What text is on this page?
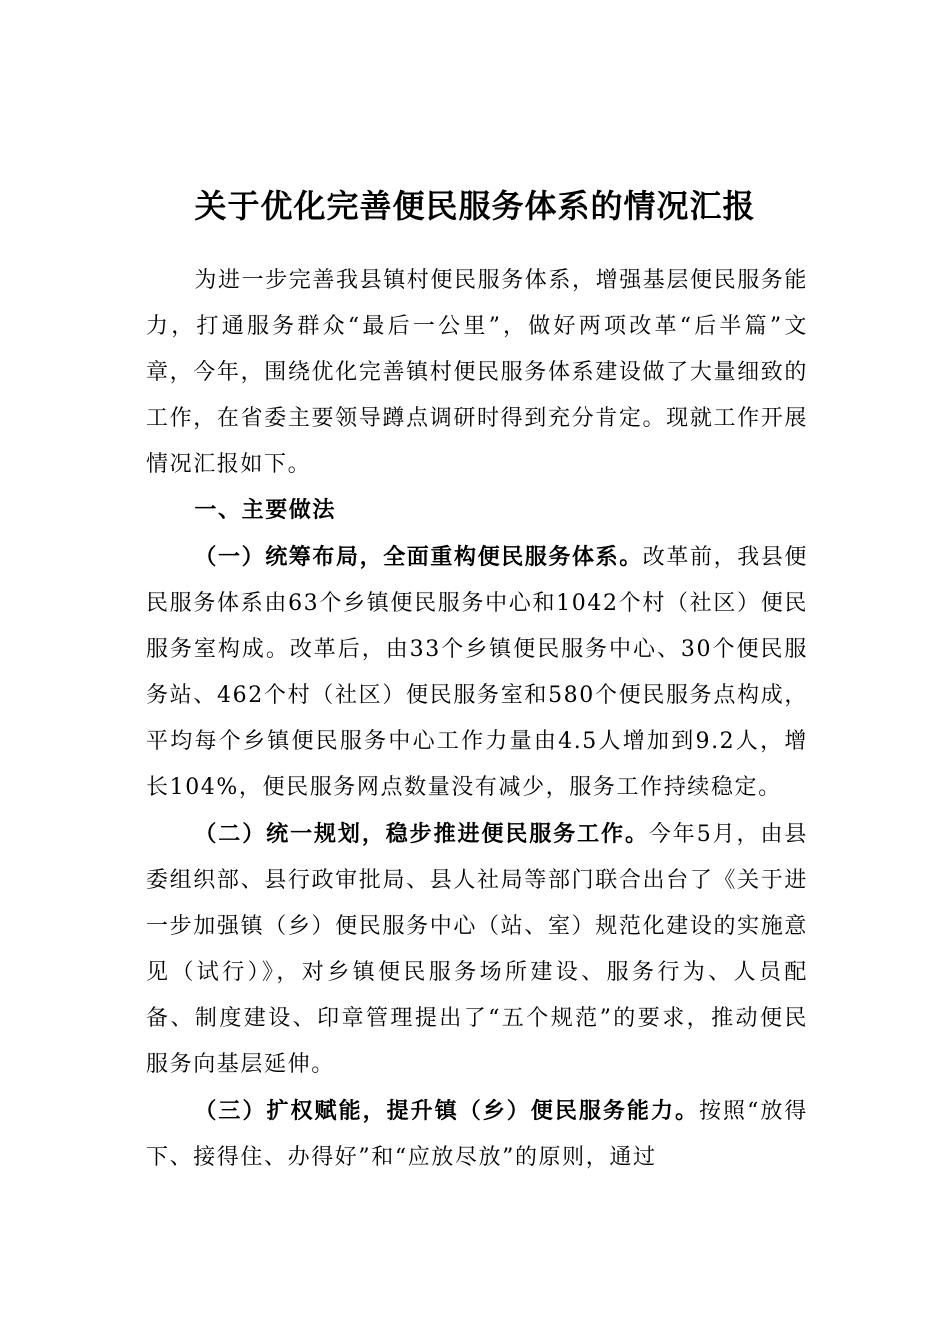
关于优化完善便民服务体系的情况汇报

为进一步完善我县镇村便民服务体系，增强基层便民服务能力，打通服务群众“最后一公里”，做好两项改革“后半篇”文章，今年，围绕优化完善镇村便民服务体系建设做了大量细致的工作，在省委主要领导蹲点调研时得到充分肯定。现就工作开展情况汇报如下。

一、主要做法

（一）统筹布局，全面重构便民服务体系。改革前，我县便民服务体系由63个乡镇便民服务中心和1042个村（社区）便民服务室构成。改革后，由33个乡镇便民服务中心、30个便民服务站、462个村（社区）便民服务室和580个便民服务点构成，平均每个乡镇便民服务中心工作力量由4.5人增加到9.2人，增长104%，便民服务网点数量没有减少，服务工作持续稳定。

（二）统一规划，稳步推进便民服务工作。今年5月，由县委组织部、县行政审批局、县人社局等部门联合出台了《关于进一步加强镇（乡）便民服务中心（站、室）规范化建设的实施意见（试行）》，对乡镇便民服务场所建设、服务行为、人员配备、制度建设、印章管理提出了“五个规范”的要求，推动便民服务向基层延伸。

（三）扩权赋能，提升镇（乡）便民服务能力。按照“放得下、接得住、办得好”和“应放尽放”的原则，通过
